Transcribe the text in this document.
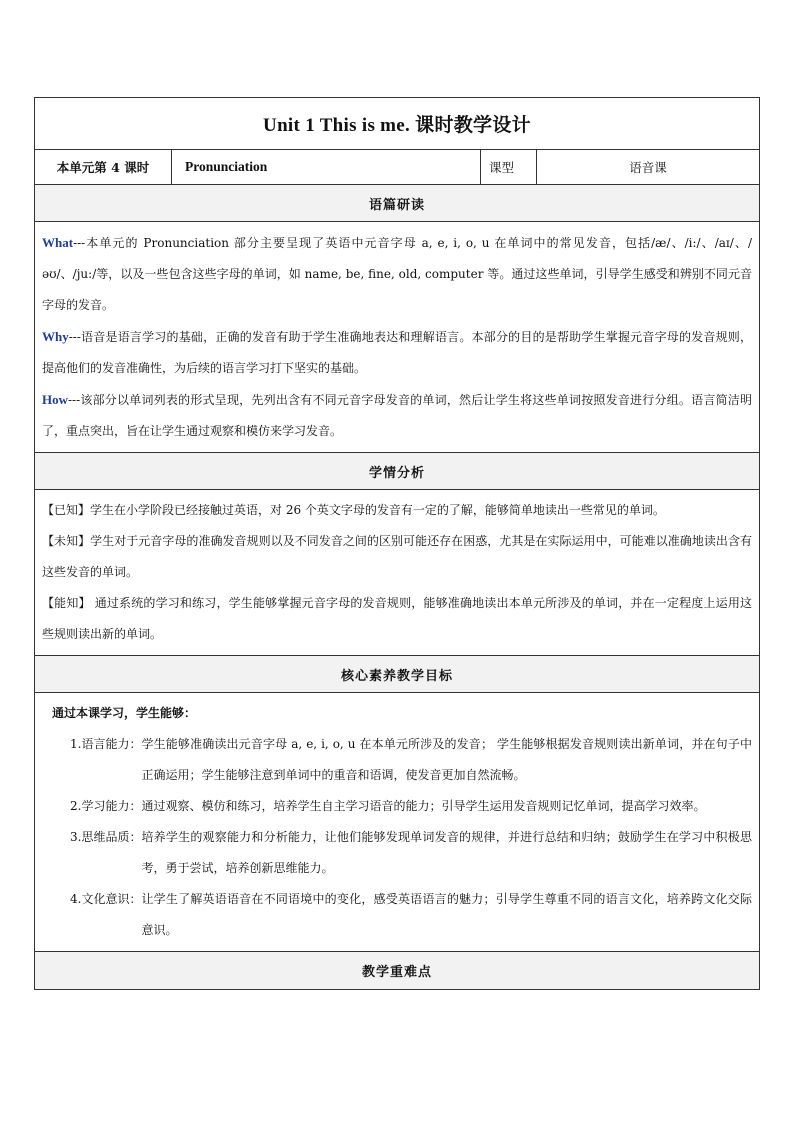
Unit 1 This is me. 课时教学设计
本单元第 4 课时	Pronunciation	课型	语音课
语篇研读

What---本单元的 Pronunciation 部分主要呈现了英语中元音字母 a, e, i, o, u 在单词中的常见发音，包括/æ/、/i:/、/aɪ/、/əʊ/、/ju:/等，以及一些包含这些字母的单词，如 name, be, fine, old, computer 等。通过这些单词，引导学生感受和辨别不同元音字母的发音。

Why---语音是语言学习的基础，正确的发音有助于学生准确地表达和理解语言。本部分的目的是帮助学生掌握元音字母的发音规则，提高他们的发音准确性，为后续的语言学习打下坚实的基础。

How---该部分以单词列表的形式呈现，先列出含有不同元音字母发音的单词，然后让学生将这些单词按照发音进行分组。语言简洁明了，重点突出，旨在让学生通过观察和模仿来学习发音。

学情分析

【已知】学生在小学阶段已经接触过英语，对 26 个英文字母的发音有一定的了解，能够简单地读出一些常见的单词。

【未知】学生对于元音字母的准确发音规则以及不同发音之间的区别可能还存在困惑，尤其是在实际运用中，可能难以准确地读出含有这些发音的单词。

【能知】 通过系统的学习和练习，学生能够掌握元音字母的发音规则，能够准确地读出本单元所涉及的单词，并在一定程度上运用这些规则读出新的单词。

核心素养教学目标

通过本课学习，学生能够：

1.语言能力： 学生能够准确读出元音字母 a, e, i, o, u 在本单元所涉及的发音； 学生能够根据发音规则读出新单词，并在句子中正确运用；学生能够注意到单词中的重音和语调，使发音更加自然流畅。
2.学习能力： 通过观察、模仿和练习，培养学生自主学习语音的能力；引导学生运用发音规则记忆单词，提高学习效率。
3.思维品质： 培养学生的观察能力和分析能力，让他们能够发现单词发音的规律，并进行总结和归纳；鼓励学生在学习中积极思考，勇于尝试，培养创新思维能力。
4.文化意识： 让学生了解英语语音在不同语境中的变化，感受英语语言的魅力；引导学生尊重不同的语言文化，培养跨文化交际意识。
教学重难点
